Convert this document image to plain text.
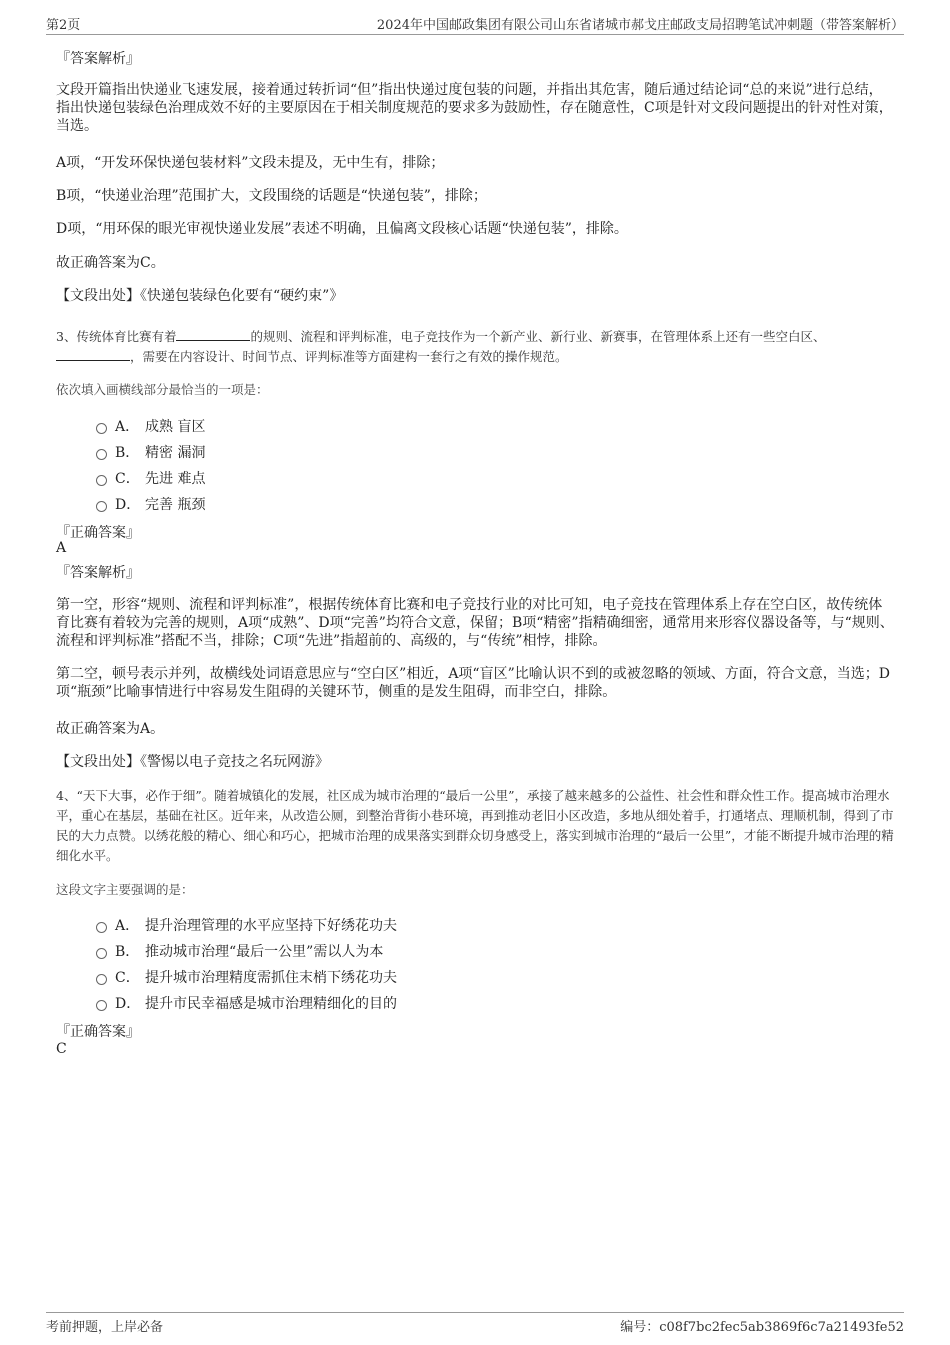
第2页	2024年中国邮政集团有限公司山东省诸城市郝戈庄邮政支局招聘笔试冲刺题（带答案解析）
『答案解析』
文段开篇指出快递业飞速发展，接着通过转折词“但”指出快递过度包装的问题，并指出其危害，随后通过结论词“总的来说”进行总结，指出快递包装绿色治理成效不好的主要原因在于相关制度规范的要求多为鼓励性，存在随意性，C项是针对文段问题提出的针对性对策，当选。
A项，“开发环保快递包装材料”文段未提及，无中生有，排除；
B项，“快递业治理”范围扩大，文段围绕的话题是“快递包装”，排除；
D项，“用环保的眼光审视快递业发展”表述不明确，且偏离文段核心话题“快递包装”，排除。
故正确答案为C。
【文段出处】《快递包装绿色化要有“硬约束”》
3、传统体育比赛有着	的规则、流程和评判标准，电子竞技作为一个新产业、新行业、新赛事，在管理体系上还有一些空白区、，需要在内容设计、时间节点、评判标准等方面建构一套行之有效的操作规范。
依次填入画横线部分最恰当的一项是：
A． 成熟 盲区
B． 精密 漏洞
C． 先进 难点
D． 完善 瓶颈
『正确答案』
A
『答案解析』
第一空，形容“规则、流程和评判标准”，根据传统体育比赛和电子竞技行业的对比可知，电子竞技在管理体系上存在空白区，故传统体育比赛有着较为完善的规则，A项“成熟”、D项“完善”均符合文意，保留；B项“精密”指精确细密，通常用来形容仪器设备等，与“规则、流程和评判标准”搭配不当，排除；C项“先进”指超前的、高级的，与“传统”相悖，排除。
第二空，顿号表示并列，故横线处词语意思应与“空白区”相近，A项“盲区”比喻认识不到的或被忽略的领域、方面，符合文意，当选；D项“瓶颈”比喻事情进行中容易发生阻碍的关键环节，侧重的是发生阻碍，而非空白，排除。
故正确答案为A。
【文段出处】《警惕以电子竞技之名玩网游》
4、“天下大事，必作于细”。随着城镇化的发展，社区成为城市治理的“最后一公里”，承接了越来越多的公益性、社会性和群众性工作。提高城市治理水平，重心在基层，基础在社区。近年来，从改造公厕，到整治背街小巷环境，再到推动老旧小区改造，多地从细处着手，打通堵点、理顺机制，得到了市民的大力点赞。以绣花般的精心、细心和巧心，把城市治理的成果落实到群众切身感受上，落实到城市治理的“最后一公里”，才能不断提升城市治理的精细化水平。
这段文字主要强调的是：
A． 提升治理管理的水平应坚持下好绣花功夫
B． 推动城市治理“最后一公里”需以人为本
C． 提升城市治理精度需抓住末梢下绣花功夫
D． 提升市民幸福感是城市治理精细化的目的
『正确答案』
C
考前押题，上岸必备	编号：c08f7bc2fec5ab3869f6c7a21493fe52
